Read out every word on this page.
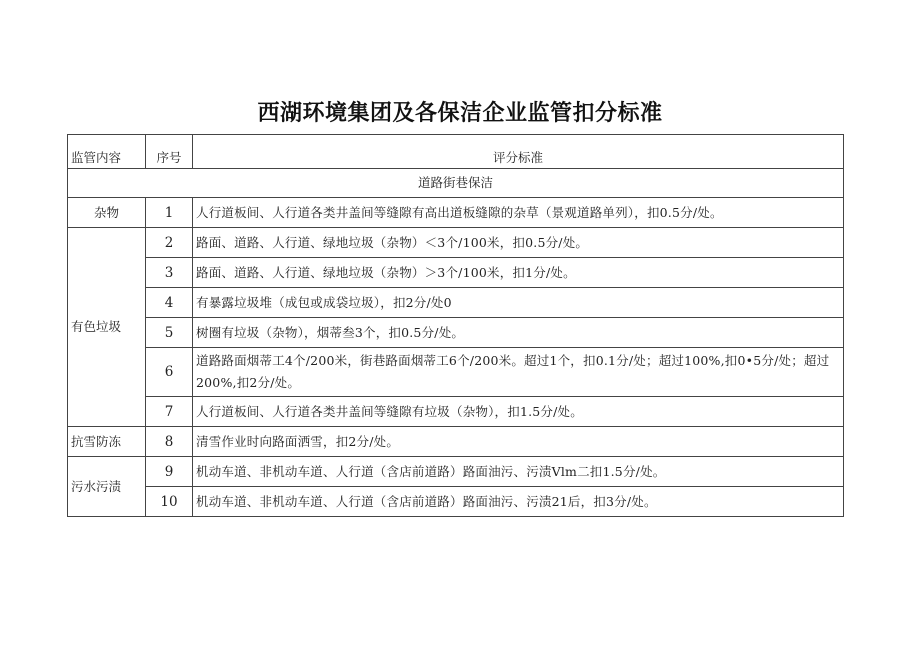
西湖环境集团及各保洁企业监管扣分标准
监管内容	序号	评分标准
道路街巷保洁		
杂物	1	人行道板间、人行道各类井盖间等缝隙有高出道板缝隙的杂草（景观道路单列），扣0.5分/处。
有色垃圾	2	路面、道路、人行道、绿地垃圾（杂物）＜3个/100米，扣0.5分/处。
	3	路面、道路、人行道、绿地垃圾（杂物）＞3个/100米，扣1分/处。
	4	有暴露垃圾堆（成包或成袋垃圾），扣2分/处0
	5	树圈有垃圾（杂物），烟蒂叁3个，扣0.5分/处。
	6	道路路面烟蒂工4个/200米，街巷路面烟蒂工6个/200米。超过1个，扣0.1分/处；超过100%,扣0•5分/处；超过200%,扣2分/处。
	7	人行道板间、人行道各类井盖间等缝隙有垃圾（杂物），扣1.5分/处。
抗雪防冻	8	清雪作业时向路面洒雪，扣2分/处。
污水污渍	9	机动车道、非机动车道、人行道（含店前道路）路面油污、污渍Vlm二扣1.5分/处。
	10	机动车道、非机动车道、人行道（含店前道路）路面油污、污渍21后，扣3分/处。
